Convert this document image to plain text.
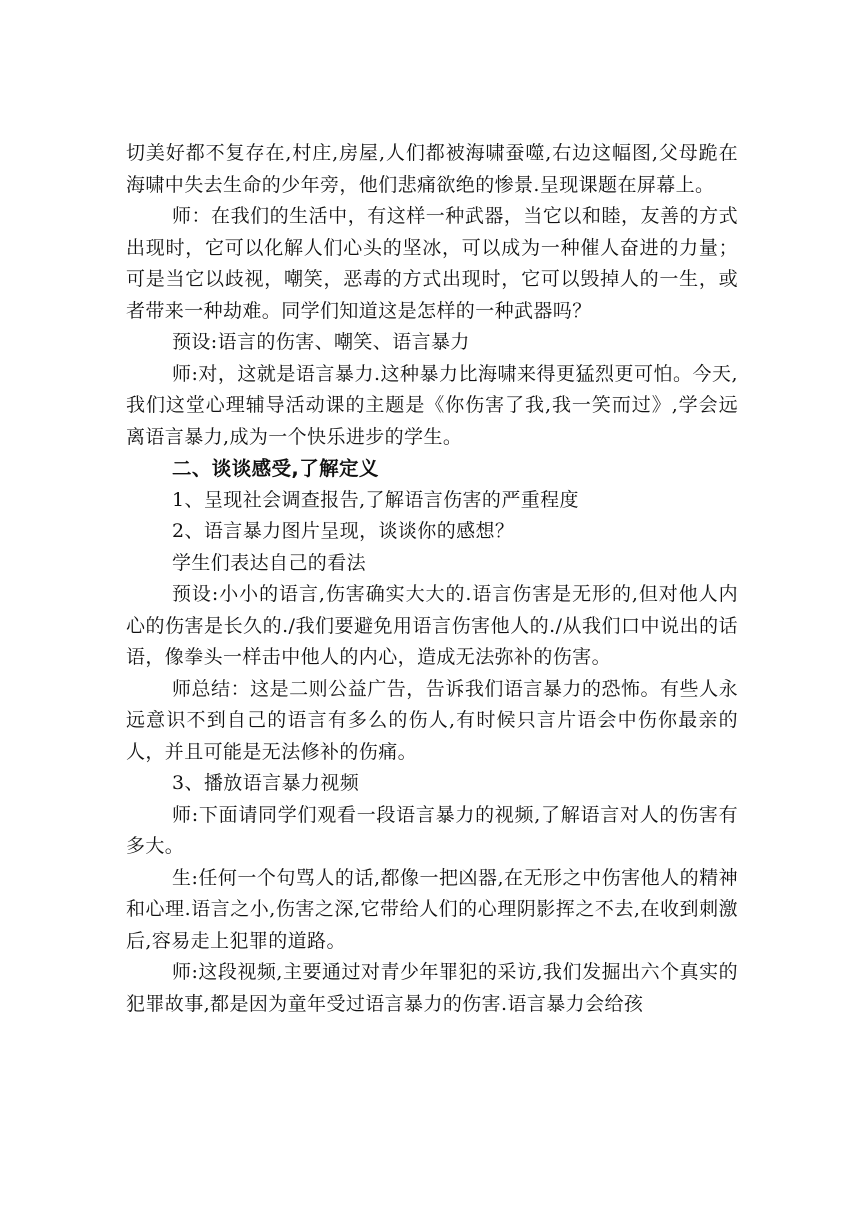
切美好都不复存在,村庄,房屋,人们都被海啸蚕噬,右边这幅图,父母跪在海啸中失去生命的少年旁，他们悲痛欲绝的惨景.呈现课题在屏幕上。

师：在我们的生活中，有这样一种武器，当它以和睦，友善的方式出现时，它可以化解人们心头的坚冰，可以成为一种催人奋进的力量；可是当它以歧视，嘲笑，恶毒的方式出现时，它可以毁掉人的一生，或者带来一种劫难。同学们知道这是怎样的一种武器吗？

预设:语言的伤害、嘲笑、语言暴力

师:对，这就是语言暴力.这种暴力比海啸来得更猛烈更可怕。今天,我们这堂心理辅导活动课的主题是《你伤害了我,我一笑而过》,学会远离语言暴力,成为一个快乐进步的学生。

二、谈谈感受,了解定义

1、呈现社会调查报告,了解语言伤害的严重程度

2、语言暴力图片呈现，谈谈你的感想？

学生们表达自己的看法

预设:小小的语言,伤害确实大大的.语言伤害是无形的,但对他人内心的伤害是长久的./我们要避免用语言伤害他人的./从我们口中说出的话语，像拳头一样击中他人的内心，造成无法弥补的伤害。

师总结：这是二则公益广告，告诉我们语言暴力的恐怖。有些人永远意识不到自己的语言有多么的伤人,有时候只言片语会中伤你最亲的人，并且可能是无法修补的伤痛。

3、播放语言暴力视频

师:下面请同学们观看一段语言暴力的视频,了解语言对人的伤害有多大。

生:任何一个句骂人的话,都像一把凶器,在无形之中伤害他人的精神和心理.语言之小,伤害之深,它带给人们的心理阴影挥之不去,在收到刺激后,容易走上犯罪的道路。

师:这段视频,主要通过对青少年罪犯的采访,我们发掘出六个真实的犯罪故事,都是因为童年受过语言暴力的伤害.语言暴力会给孩
